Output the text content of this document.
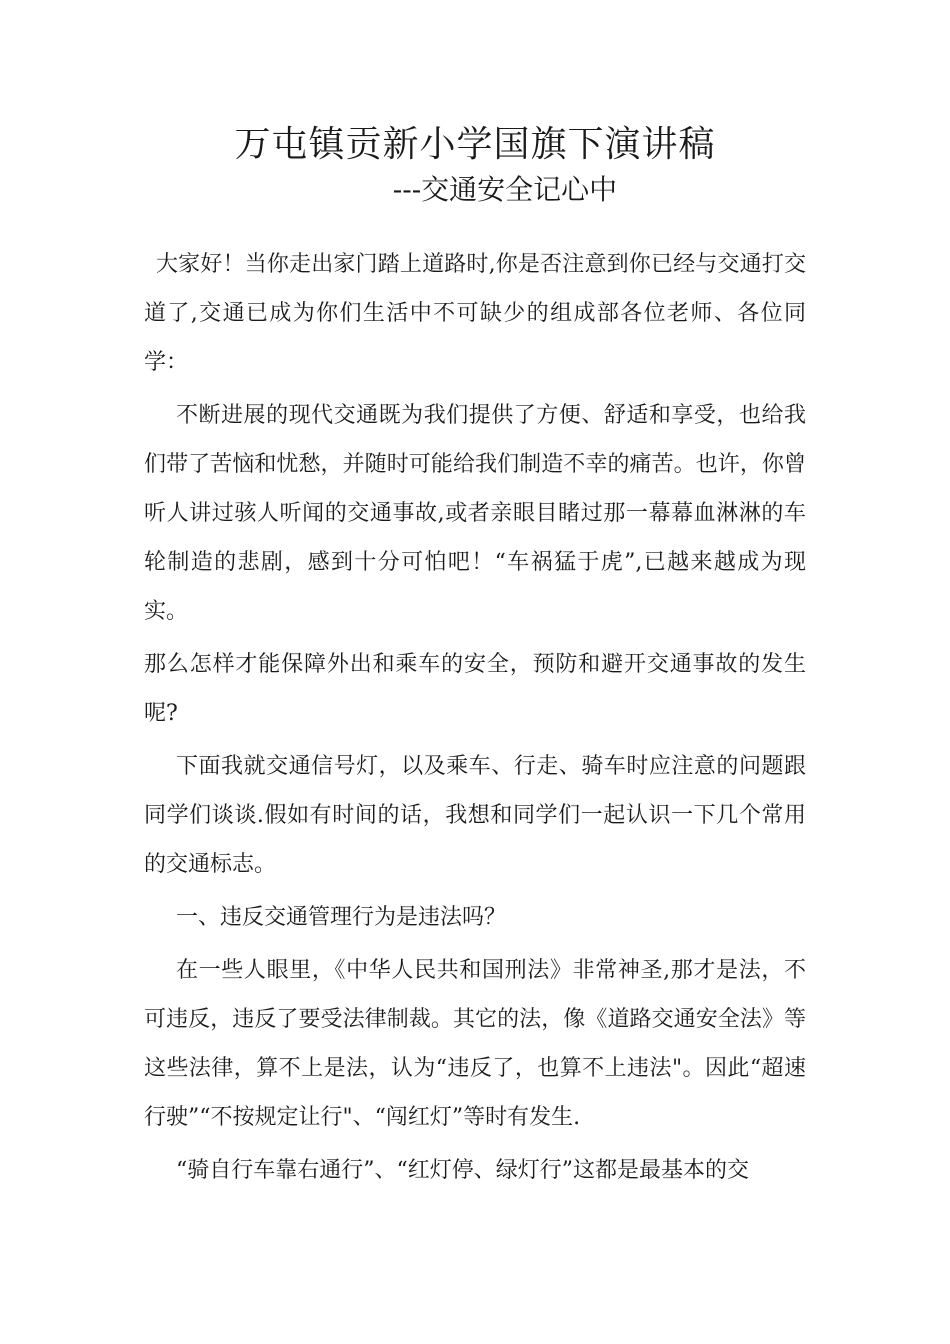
万屯镇贡新小学国旗下演讲稿
---交通安全记心中

大家好！当你走出家门踏上道路时,你是否注意到你已经与交通打交道了,交通已成为你们生活中不可缺少的组成部各位老师、各位同学：

不断进展的现代交通既为我们提供了方便、舒适和享受，也给我们带了苦恼和忧愁，并随时可能给我们制造不幸的痛苦。也许，你曾听人讲过骇人听闻的交通事故,或者亲眼目睹过那一幕幕血淋淋的车轮制造的悲剧，感到十分可怕吧！“车祸猛于虎”,已越来越成为现实。

那么怎样才能保障外出和乘车的安全，预防和避开交通事故的发生呢?

下面我就交通信号灯，以及乘车、行走、骑车时应注意的问题跟同学们谈谈.假如有时间的话，我想和同学们一起认识一下几个常用的交通标志。

一、违反交通管理行为是违法吗？

在一些人眼里，《中华人民共和国刑法》非常神圣,那才是法，不可违反，违反了要受法律制裁。其它的法，像《道路交通安全法》等这些法律，算不上是法，认为“违反了，也算不上违法"。因此“超速行驶”“不按规定让行"、“闯红灯”等时有发生.

“骑自行车靠右通行”、“红灯停、绿灯行”这都是最基本的交
